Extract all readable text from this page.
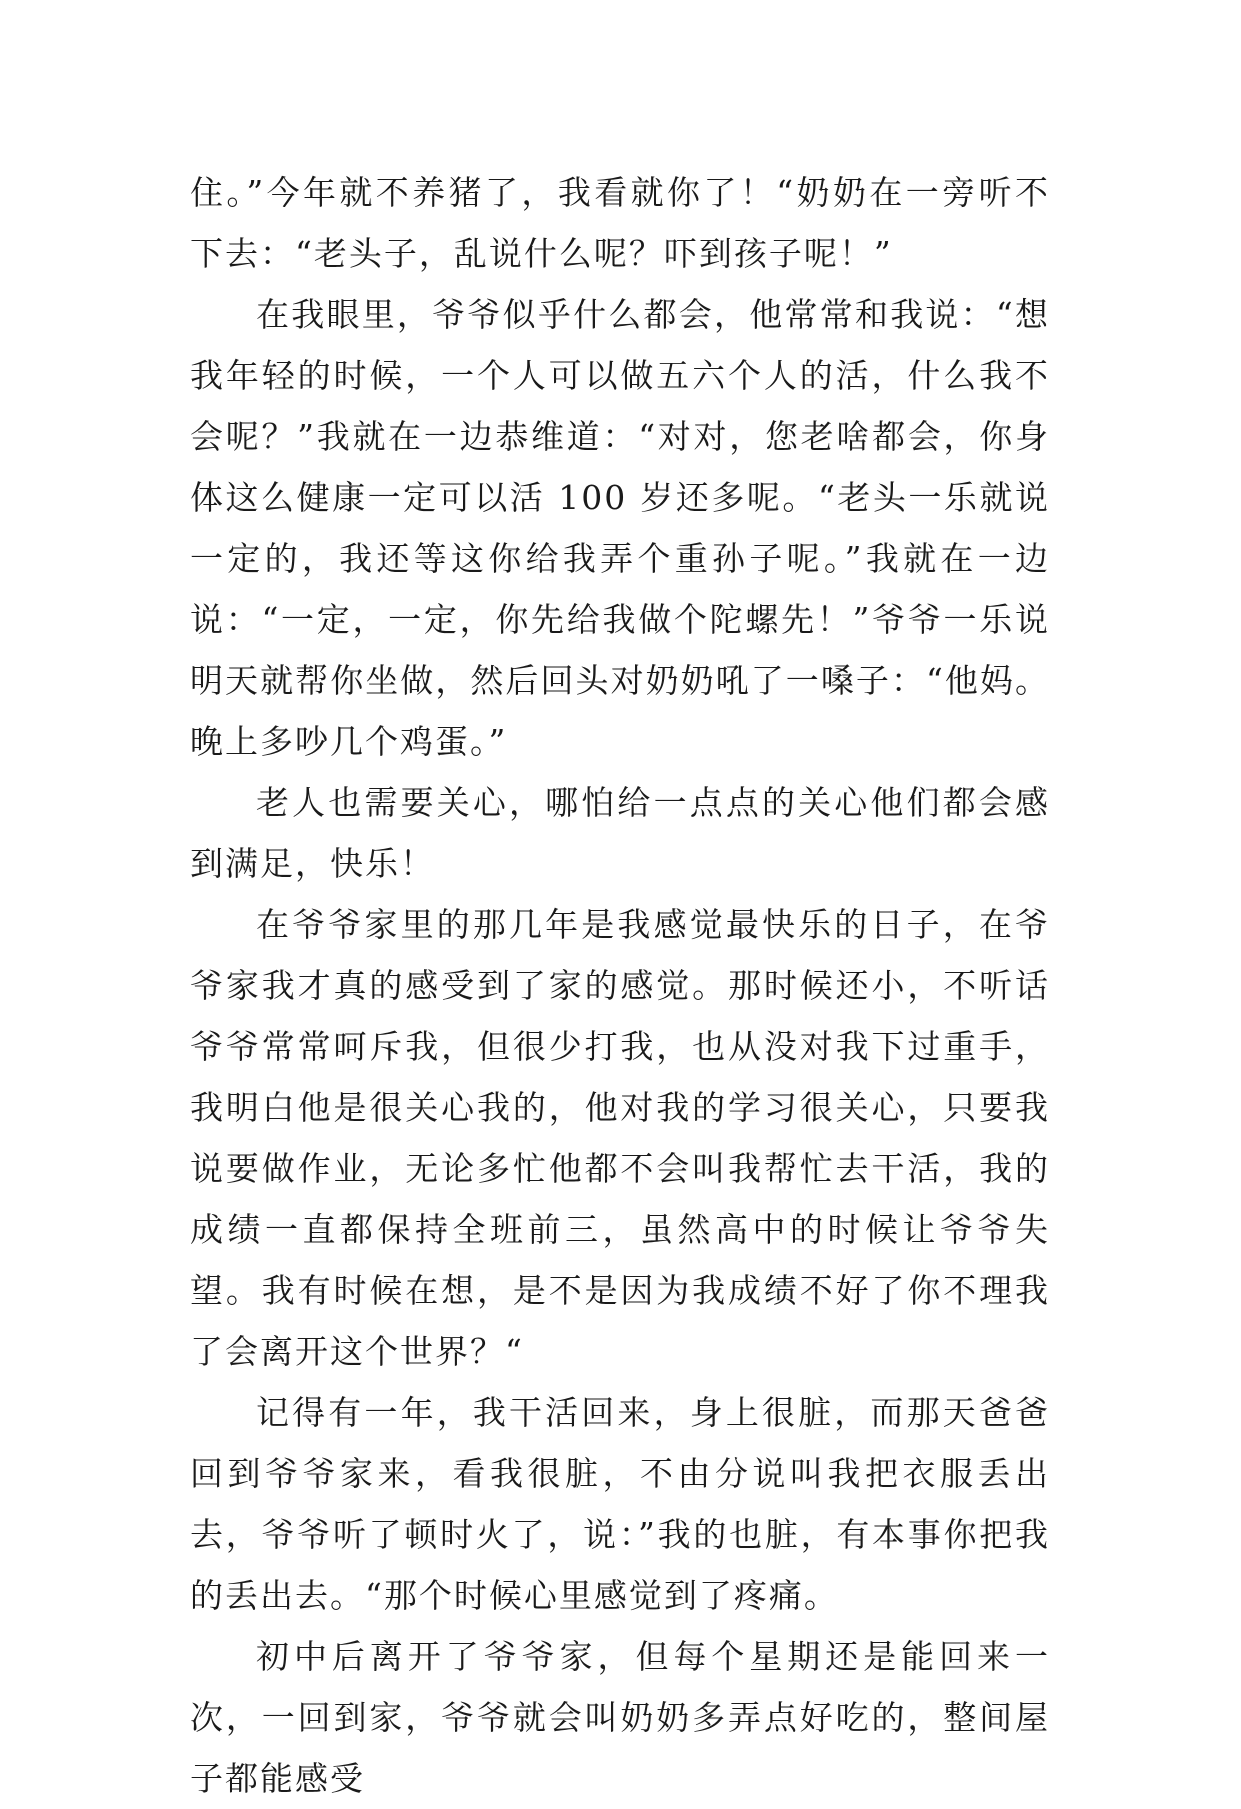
住。”今年就不养猪了，我看就你了！“奶奶在一旁听不下去：“老头子，乱说什么呢？吓到孩子呢！”

在我眼里，爷爷似乎什么都会，他常常和我说：“想我年轻的时候，一个人可以做五六个人的活，什么我不会呢？”我就在一边恭维道：“对对，您老啥都会，你身体这么健康一定可以活 100 岁还多呢。“老头一乐就说一定的，我还等这你给我弄个重孙子呢。”我就在一边说：“一定，一定，你先给我做个陀螺先！”爷爷一乐说明天就帮你坐做，然后回头对奶奶吼了一嗓子：“他妈。晚上多吵几个鸡蛋。”

老人也需要关心，哪怕给一点点的关心他们都会感到满足，快乐！

在爷爷家里的那几年是我感觉最快乐的日子，在爷爷家我才真的感受到了家的感觉。那时候还小，不听话爷爷常常呵斥我，但很少打我，也从没对我下过重手，我明白他是很关心我的，他对我的学习很关心，只要我说要做作业，无论多忙他都不会叫我帮忙去干活，我的成绩一直都保持全班前三，虽然高中的时候让爷爷失望。我有时候在想，是不是因为我成绩不好了你不理我了会离开这个世界？“

记得有一年，我干活回来，身上很脏，而那天爸爸回到爷爷家来，看我很脏，不由分说叫我把衣服丢出去，爷爷听了顿时火了，说：”我的也脏，有本事你把我的丢出去。“那个时候心里感觉到了疼痛。

初中后离开了爷爷家，但每个星期还是能回来一次，一回到家，爷爷就会叫奶奶多弄点好吃的，整间屋子都能感受
